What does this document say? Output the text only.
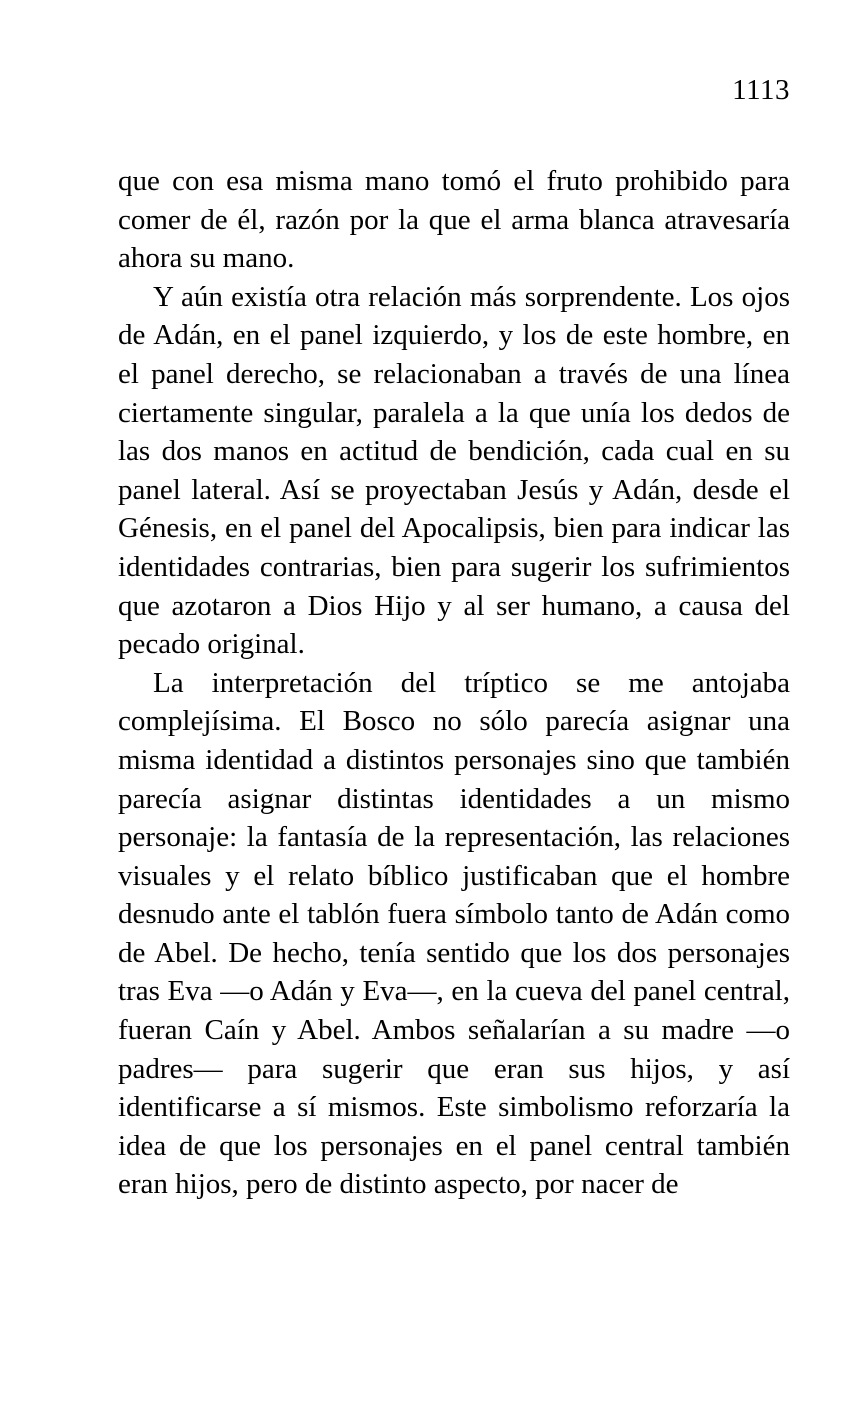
1113

que con esa misma mano tomó el fruto prohibido para comer de él, razón por la que el arma blanca atravesaría ahora su mano.

Y aún existía otra relación más sorprendente. Los ojos de Adán, en el panel izquierdo, y los de este hombre, en el panel derecho, se relacionaban a través de una línea ciertamente singular, paralela a la que unía los dedos de las dos manos en actitud de bendición, cada cual en su panel lateral. Así se proyectaban Jesús y Adán, desde el Génesis, en el panel del Apocalipsis, bien para indicar las identidades contrarias, bien para sugerir los sufrimientos que azotaron a Dios Hijo y al ser humano, a causa del pecado original.

La interpretación del tríptico se me antojaba complejísima. El Bosco no sólo parecía asignar una misma identidad a distintos personajes sino que también parecía asignar distintas identidades a un mismo personaje: la fantasía de la representación, las relaciones visuales y el relato bíblico justificaban que el hombre desnudo ante el tablón fuera símbolo tanto de Adán como de Abel. De hecho, tenía sentido que los dos personajes tras Eva —o Adán y Eva—, en la cueva del panel central, fueran Caín y Abel. Ambos señalarían a su madre —o padres— para sugerir que eran sus hijos, y así identificarse a sí mismos. Este simbolismo reforzaría la idea de que los personajes en el panel central también eran hijos, pero de distinto aspecto, por nacer de
